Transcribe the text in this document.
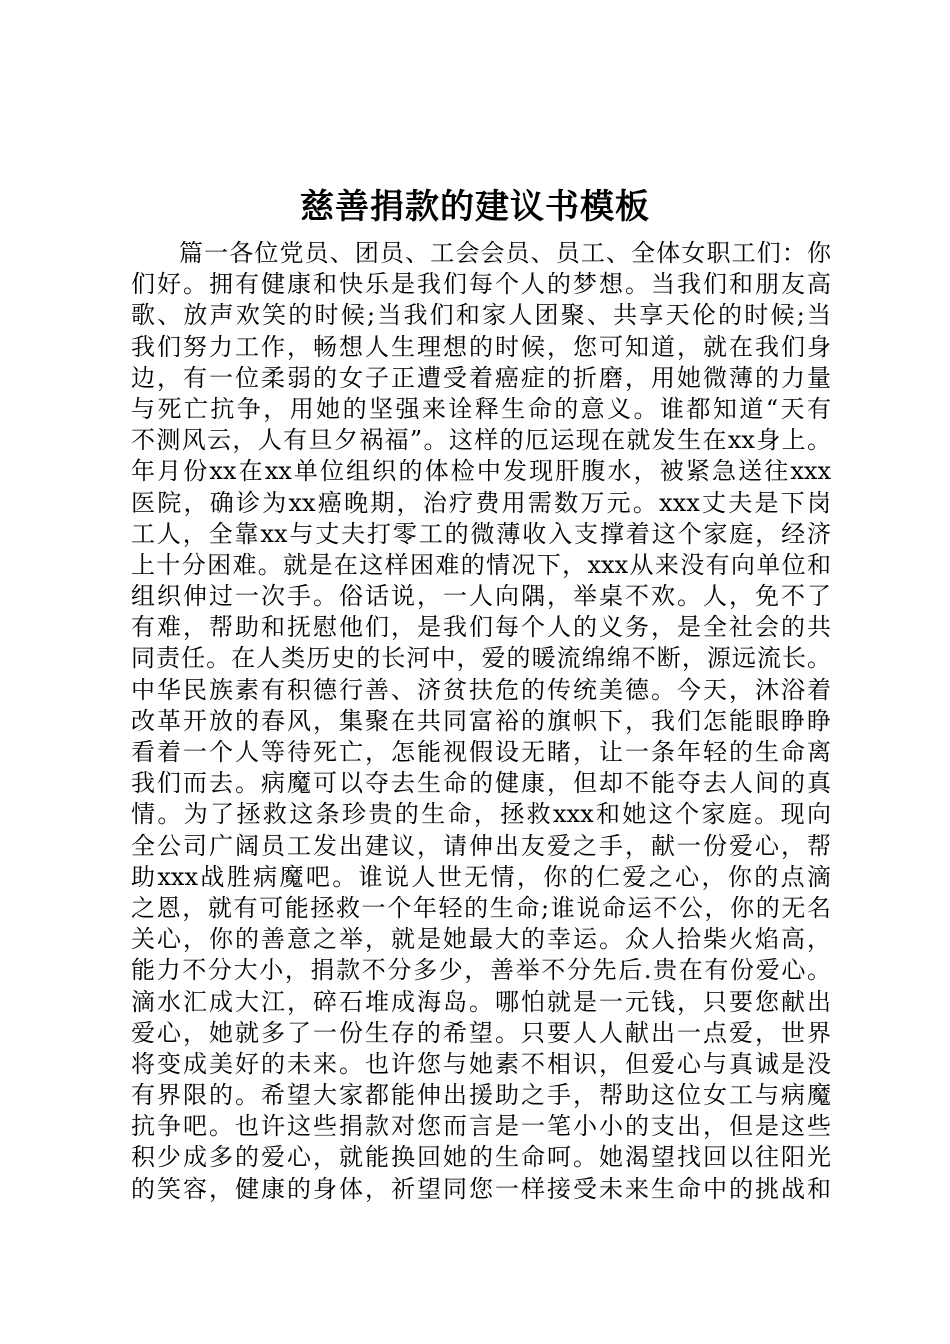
慈善捐款的建议书模板
篇一各位党员、团员、工会会员、员工、全体女职工们：你
们好。拥有健康和快乐是我们每个人的梦想。当我们和朋友高
歌、放声欢笑的时候;当我们和家人团聚、共享天伦的时候;当
我们努力工作，畅想人生理想的时候，您可知道，就在我们身
边，有一位柔弱的女子正遭受着癌症的折磨，用她微薄的力量
与死亡抗争，用她的坚强来诠释生命的意义。谁都知道“天有
不测风云，人有旦夕祸福”。这样的厄运现在就发生在xx身上。
年月份xx在xx单位组织的体检中发现肝腹水，被紧急送往xxx
医院，确诊为xx癌晚期，治疗费用需数万元。xxx丈夫是下岗
工人，全靠xx与丈夫打零工的微薄收入支撑着这个家庭，经济
上十分困难。就是在这样困难的情况下，xxx从来没有向单位和
组织伸过一次手。俗话说，一人向隅，举桌不欢。人，免不了
有难，帮助和抚慰他们，是我们每个人的义务，是全社会的共
同责任。在人类历史的长河中，爱的暖流绵绵不断，源远流长。
中华民族素有积德行善、济贫扶危的传统美德。今天，沐浴着
改革开放的春风，集聚在共同富裕的旗帜下，我们怎能眼睁睁
看着一个人等待死亡，怎能视假设无睹，让一条年轻的生命离
我们而去。病魔可以夺去生命的健康，但却不能夺去人间的真
情。为了拯救这条珍贵的生命，拯救xxx和她这个家庭。现向
全公司广阔员工发出建议，请伸出友爱之手，献一份爱心，帮
助xxx战胜病魔吧。谁说人世无情，你的仁爱之心，你的点滴
之恩，就有可能拯救一个年轻的生命;谁说命运不公，你的无名
关心，你的善意之举，就是她最大的幸运。众人拾柴火焰高，
能力不分大小，捐款不分多少，善举不分先后.贵在有份爱心。
滴水汇成大江，碎石堆成海岛。哪怕就是一元钱，只要您献出
爱心，她就多了一份生存的希望。只要人人献出一点爱，世界
将变成美好的未来。也许您与她素不相识，但爱心与真诚是没
有界限的。希望大家都能伸出援助之手，帮助这位女工与病魔
抗争吧。也许这些捐款对您而言是一笔小小的支出，但是这些
积少成多的爱心，就能换回她的生命呵。她渴望找回以往阳光
的笑容，健康的身体，祈望同您一样接受未来生命中的挑战和
